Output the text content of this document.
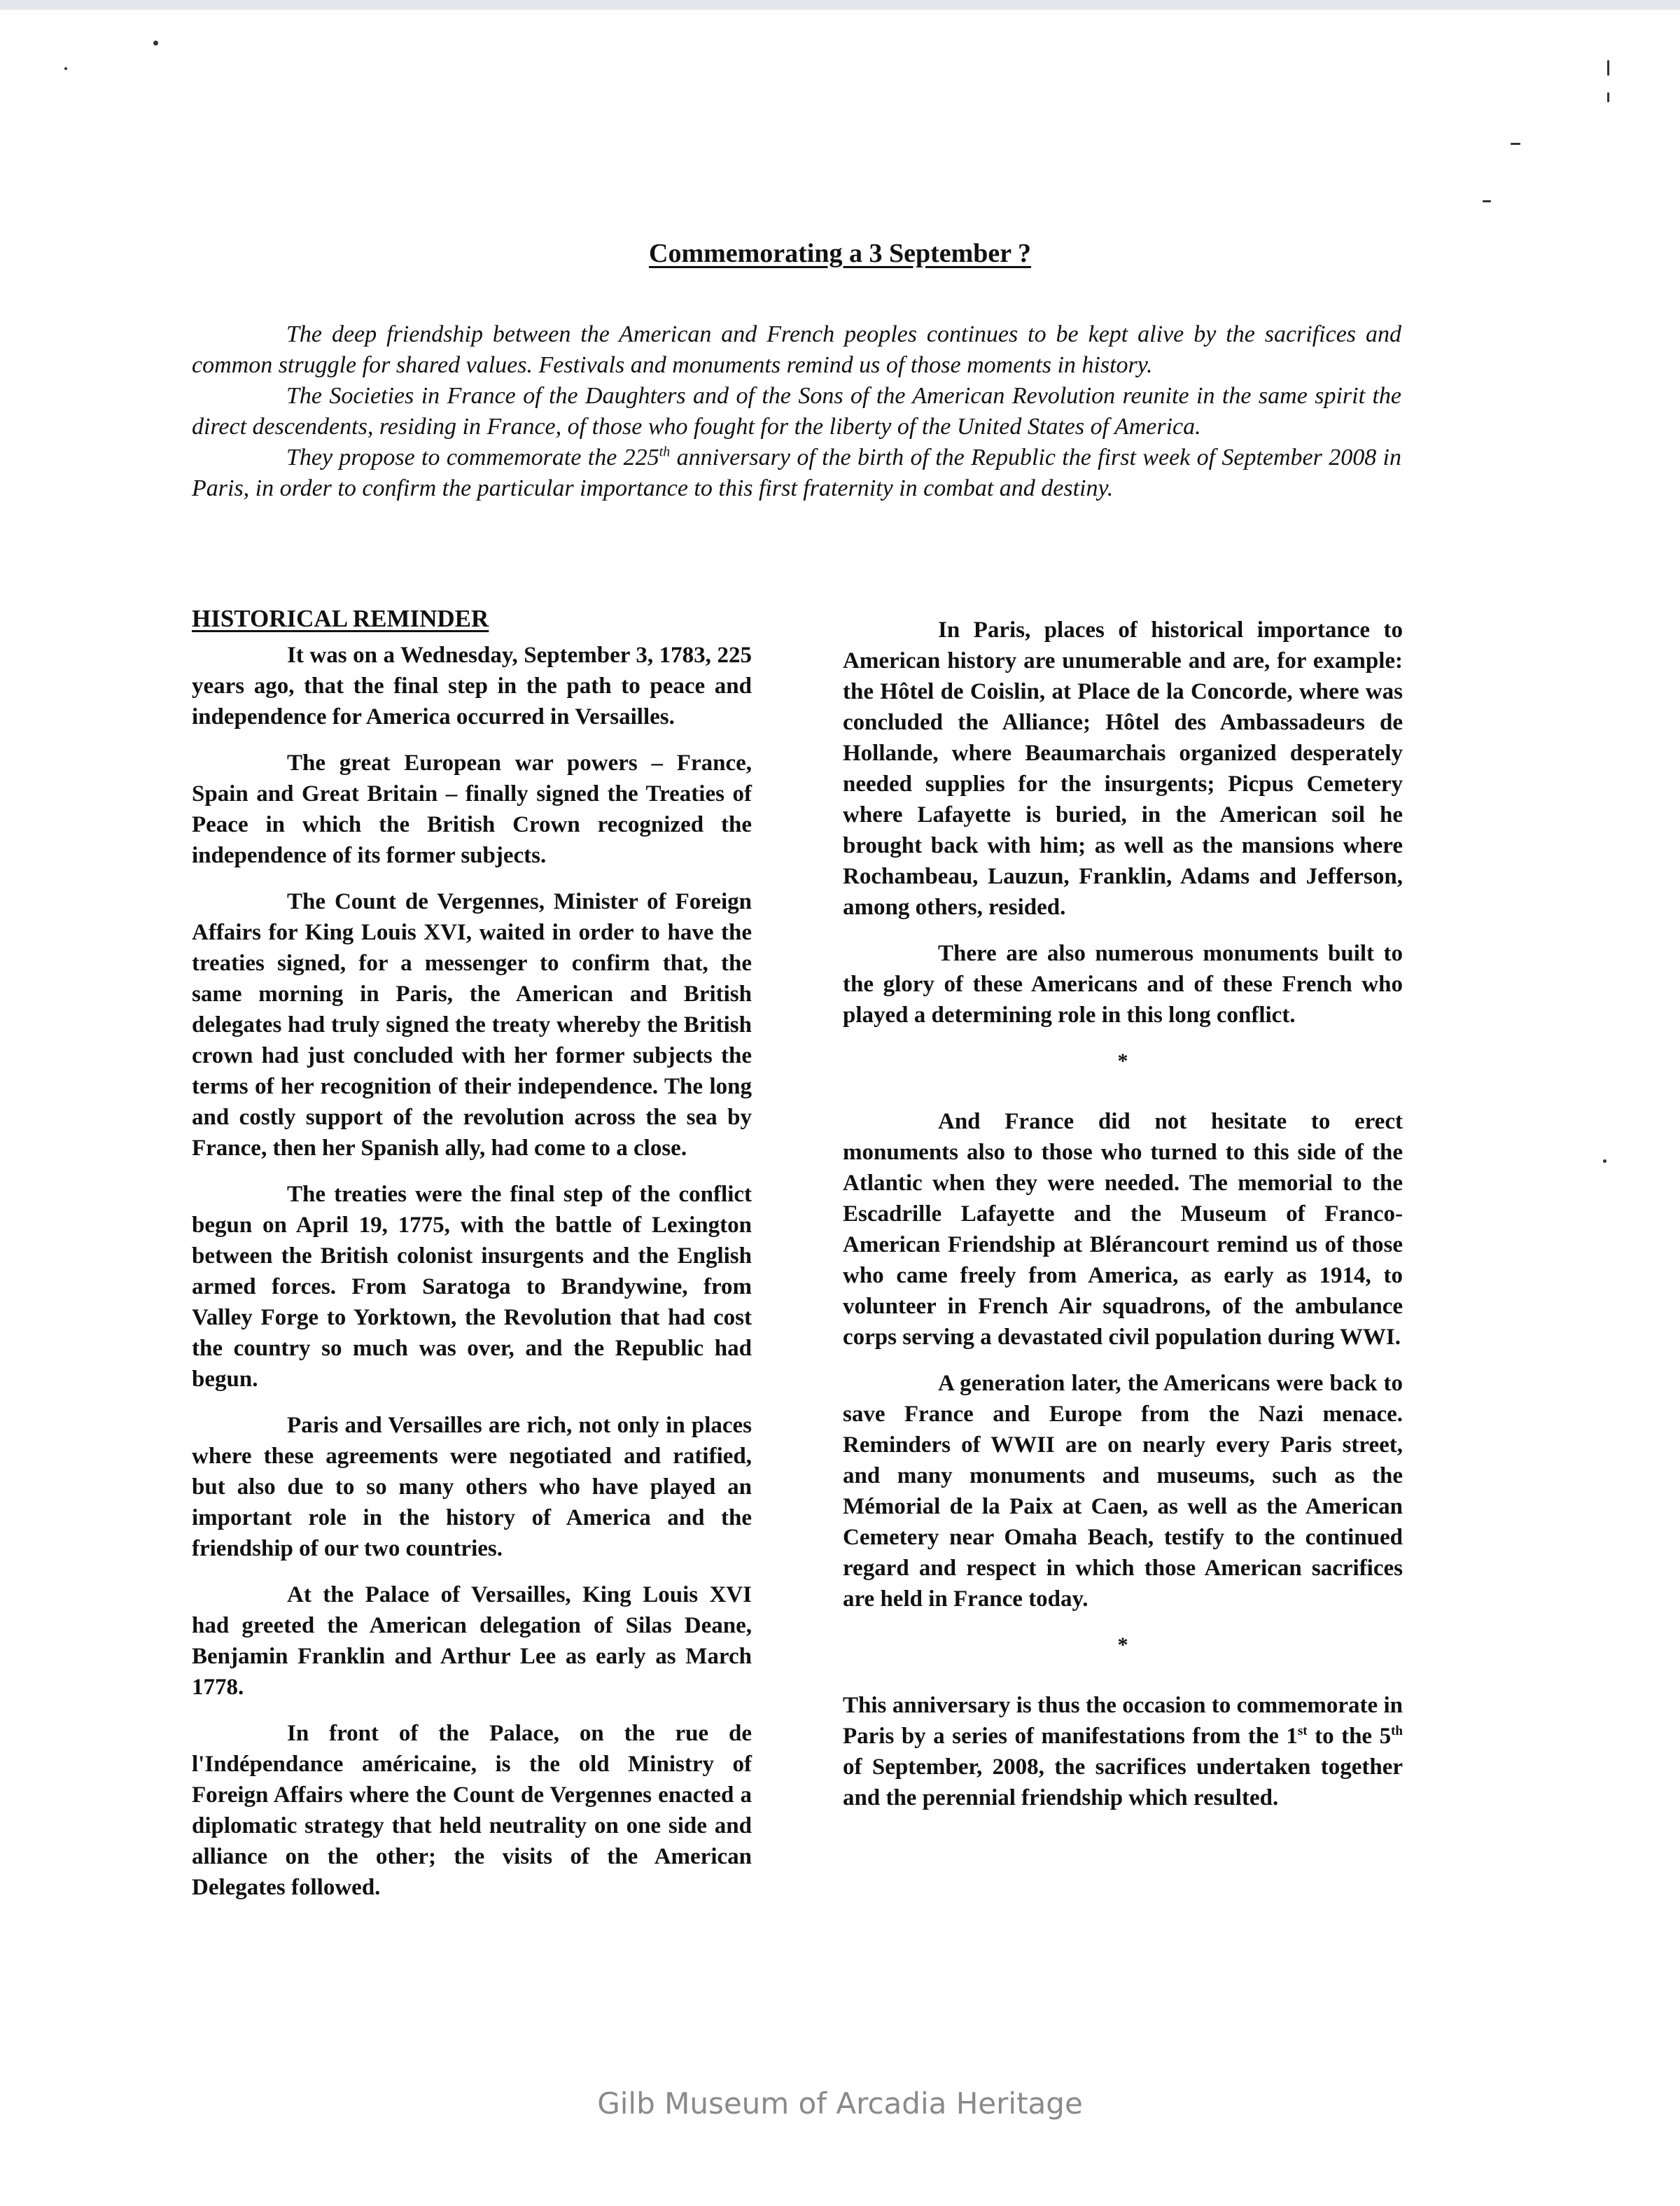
Commemorating a 3 September ?

The deep friendship between the American and French peoples continues to be kept alive by the sacrifices and common struggle for shared values. Festivals and monuments remind us of those moments in history.

The Societies in France of the Daughters and of the Sons of the American Revolution reunite in the same spirit the direct descendents, residing in France, of those who fought for the liberty of the United States of America.

They propose to commemorate the 225th anniversary of the birth of the Republic the first week of September 2008 in Paris, in order to confirm the particular importance to this first fraternity in combat and destiny.

HISTORICAL REMINDER

It was on a Wednesday, September 3, 1783, 225 years ago, that the final step in the path to peace and independence for America occurred in Versailles.

The great European war powers – France, Spain and Great Britain – finally signed the Treaties of Peace in which the British Crown recognized the independence of its former subjects.

The Count de Vergennes, Minister of Foreign Affairs for King Louis XVI, waited in order to have the treaties signed, for a messenger to confirm that, the same morning in Paris, the American and British delegates had truly signed the treaty whereby the British crown had just concluded with her former subjects the terms of her recognition of their independence. The long and costly support of the revolution across the sea by France, then her Spanish ally, had come to a close.

The treaties were the final step of the conflict begun on April 19, 1775, with the battle of Lexington between the British colonist insurgents and the English armed forces. From Saratoga to Brandywine, from Valley Forge to Yorktown, the Revolution that had cost the country so much was over, and the Republic had begun.

Paris and Versailles are rich, not only in places where these agreements were negotiated and ratified, but also due to so many others who have played an important role in the history of America and the friendship of our two countries.

At the Palace of Versailles, King Louis XVI had greeted the American delegation of Silas Deane, Benjamin Franklin and Arthur Lee as early as March 1778.

In front of the Palace, on the rue de l'Indépendance américaine, is the old Ministry of Foreign Affairs where the Count de Vergennes enacted a diplomatic strategy that held neutrality on one side and alliance on the other; the visits of the American Delegates followed.

In Paris, places of historical importance to American history are unumerable and are, for example: the Hôtel de Coislin, at Place de la Concorde, where was concluded the Alliance; Hôtel des Ambassadeurs de Hollande, where Beaumarchais organized desperately needed supplies for the insurgents; Picpus Cemetery where Lafayette is buried, in the American soil he brought back with him; as well as the mansions where Rochambeau, Lauzun, Franklin, Adams and Jefferson, among others, resided.

There are also numerous monuments built to the glory of these Americans and of these French who played a determining role in this long conflict.

*

And France did not hesitate to erect monuments also to those who turned to this side of the Atlantic when they were needed. The memorial to the Escadrille Lafayette and the Museum of Franco-American Friendship at Blérancourt remind us of those who came freely from America, as early as 1914, to volunteer in French Air squadrons, of the ambulance corps serving a devastated civil population during WWI.

A generation later, the Americans were back to save France and Europe from the Nazi menace. Reminders of WWII are on nearly every Paris street, and many monuments and museums, such as the Mémorial de la Paix at Caen, as well as the American Cemetery near Omaha Beach, testify to the continued regard and respect in which those American sacrifices are held in France today.

*

This anniversary is thus the occasion to commemorate in Paris by a series of manifestations from the 1st to the 5th of September, 2008, the sacrifices undertaken together and the perennial friendship which resulted.

Gilb Museum of Arcadia Heritage
